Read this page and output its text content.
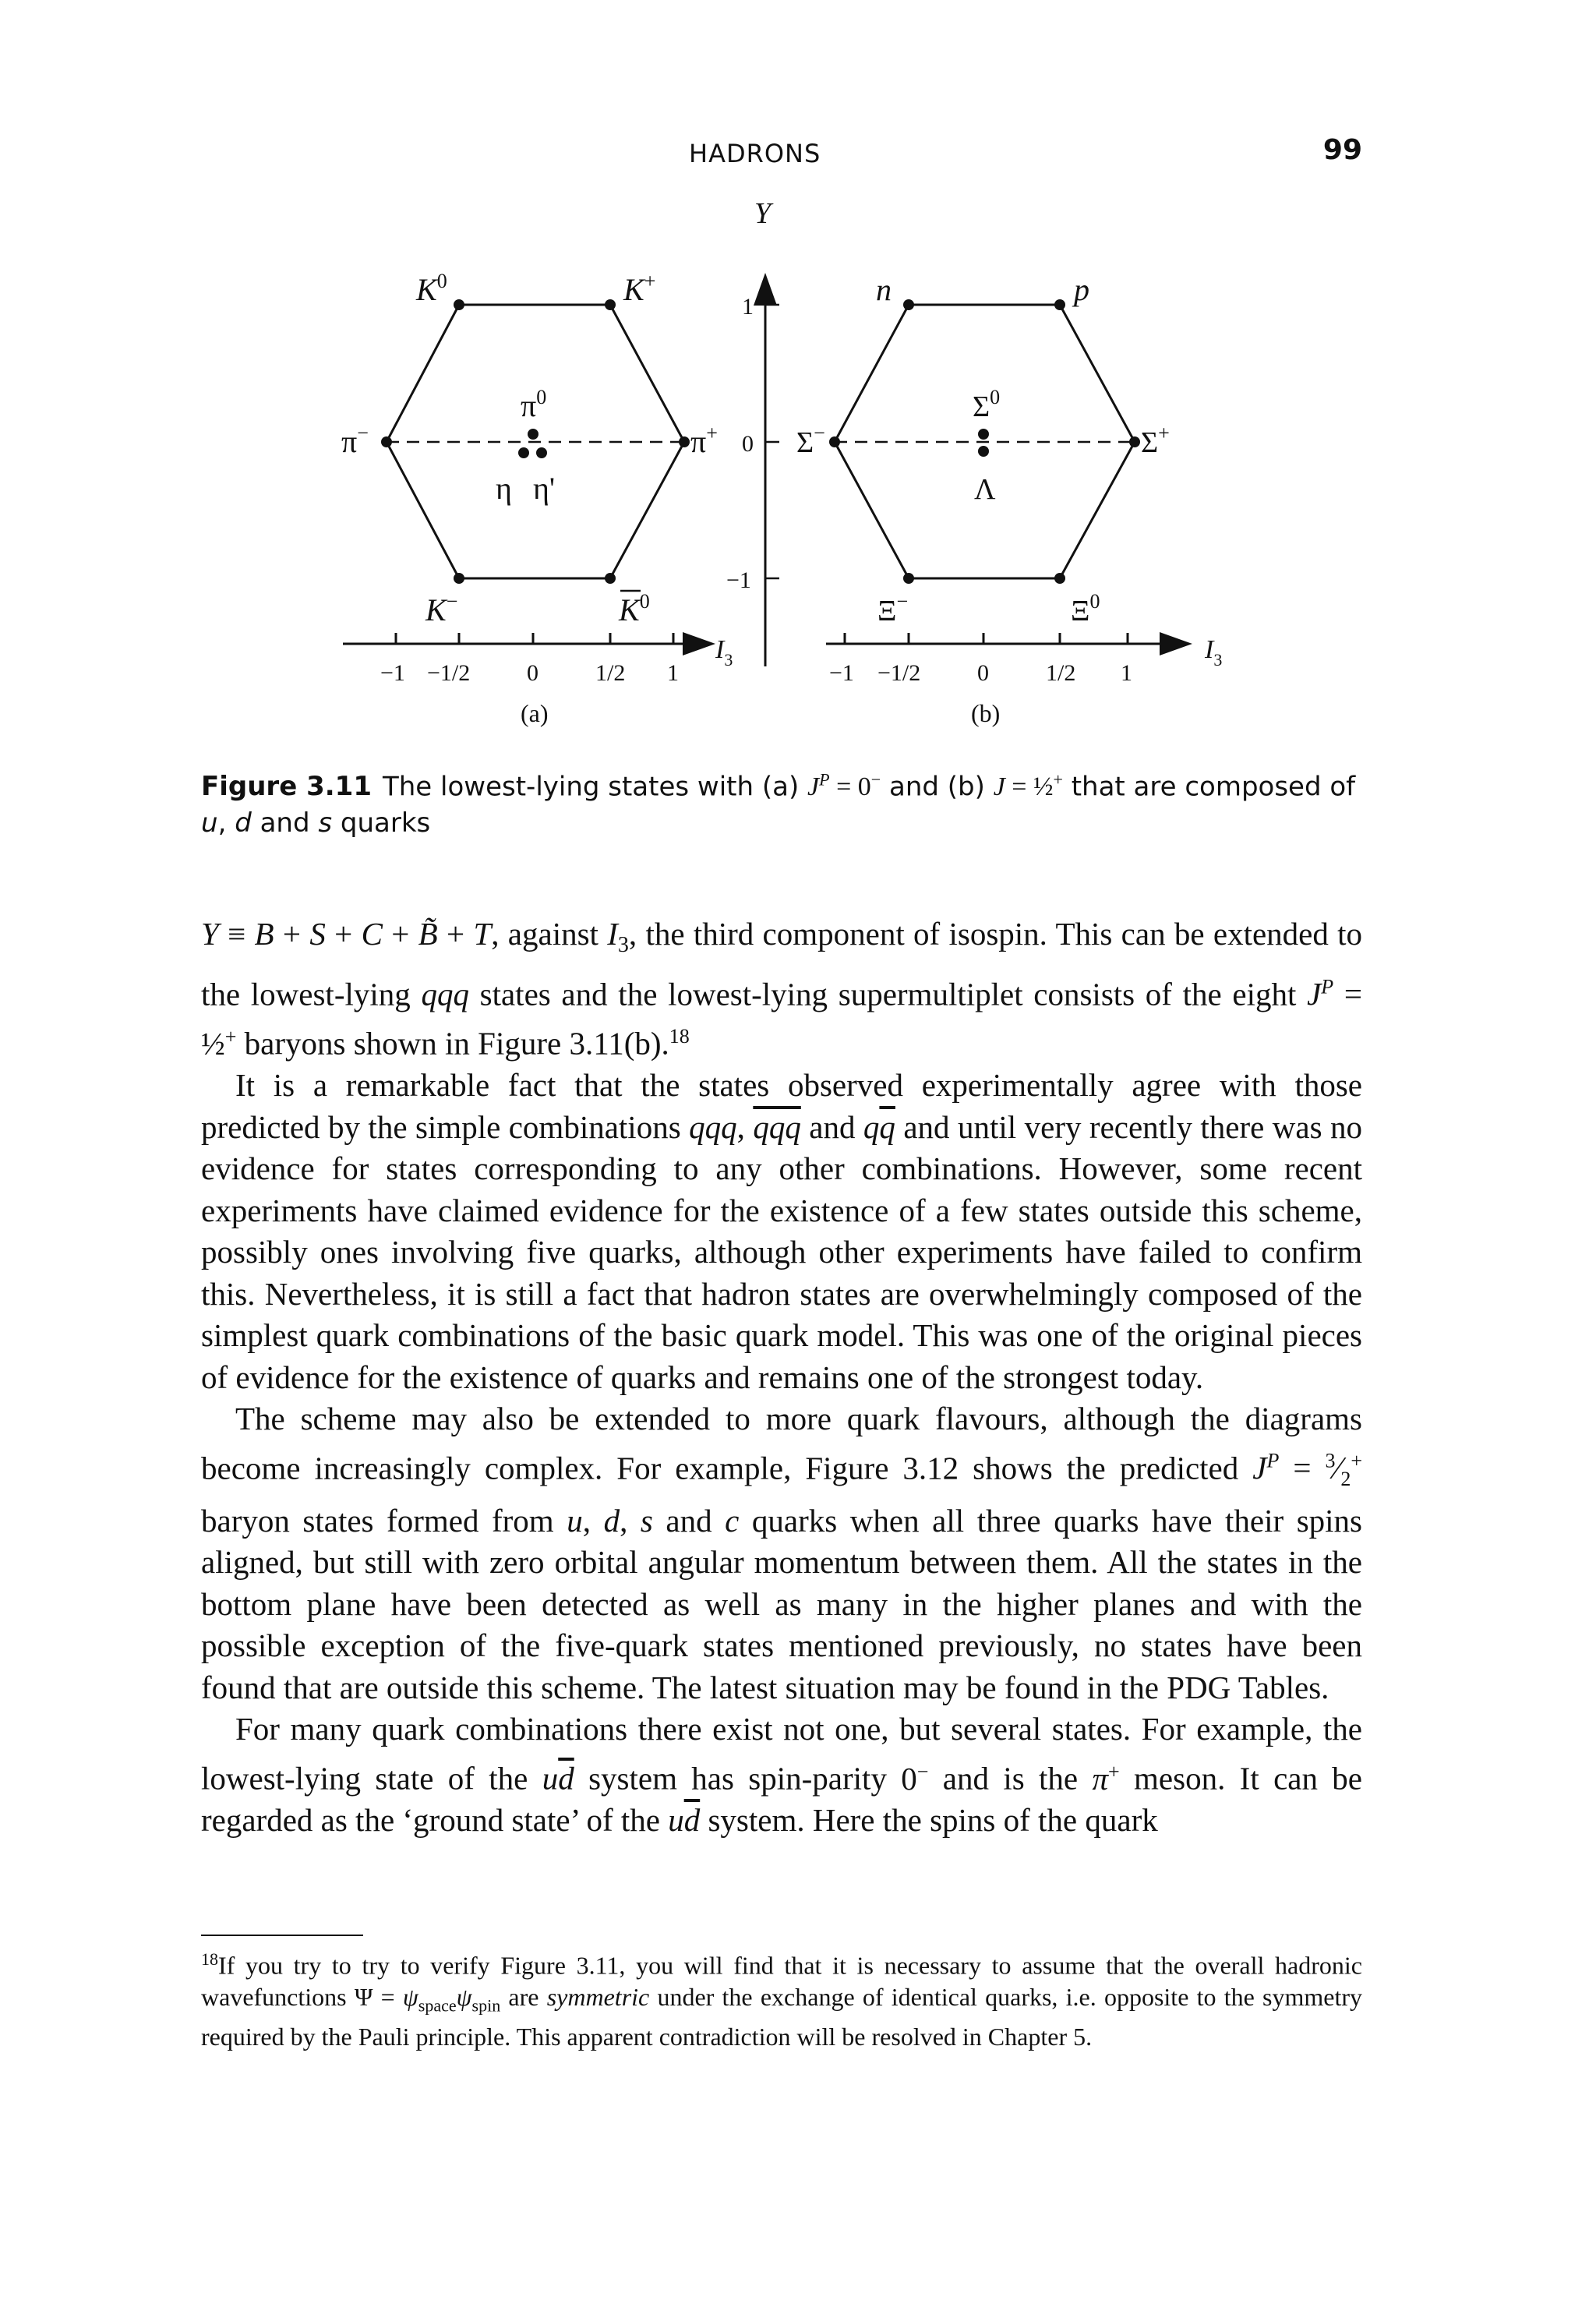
HADRONS	99
Y
1
0
−1
$K^0$	K+
π−	π+
$\pi^0$
η η'
K−	$K^0$
$I_3$
−1 −1/2 0 1/2 1
(a)
n	p
Σ−	Σ+
$\Sigma^0$
Λ
Ξ−	$\Xi^0$
$I_3$
−1 −1/2 0 1/2 1
(b)
Figure 3.11 The lowest-lying states with (a) $J^P = 0^-$ and (b) J = ½+ that are composed of u, d and s quarks

Y ≡ B + S + C + B̃ + T, against $I_3$, the third component of isospin. This can be extended to the lowest-lying qqq states and the lowest-lying supermultiplet consists of the eight $J^P$ = ½+ baryons shown in Figure 3.11(b).$^{18}$

It is a remarkable fact that the states observed experimentally agree with those predicted by the simple combinations qqq, $\overline{qqq}$ and $q\overline{q}$ and until very recently there was no evidence for states corresponding to any other combinations. However, some recent experiments have claimed evidence for the existence of a few states outside this scheme, possibly ones involving five quarks, although other experiments have failed to confirm this. Nevertheless, it is still a fact that hadron states are overwhelmingly composed of the simplest quark combinations of the basic quark model. This was one of the original pieces of evidence for the existence of quarks and remains one of the strongest today.

The scheme may also be extended to more quark flavours, although the diagrams become increasingly complex. For example, Figure 3.12 shows the predicted $J^P$ = $^3⁄_2^+$ baryon states formed from u, d, s and c quarks when all three quarks have their spins aligned, but still with zero orbital angular momentum between them. All the states in the bottom plane have been detected as well as many in the higher planes and with the possible exception of the five-quark states mentioned previously, no states have been found that are outside this scheme. The latest situation may be found in the PDG Tables.

For many quark combinations there exist not one, but several states. For example, the lowest-lying state of the $u\overline{d}$ system has spin-parity 0− and is the π+ meson. It can be regarded as the ‘ground state’ of the $u\overline{d}$ system. Here the spins of the quark

$^{18}$If you try to try to verify Figure 3.11, you will find that it is necessary to assume that the overall hadronic wavefunctions $\Psi = \psi_{space}\psi_{spin}$ are symmetric under the exchange of identical quarks, i.e. opposite to the symmetry required by the Pauli principle. This apparent contradiction will be resolved in Chapter 5.
